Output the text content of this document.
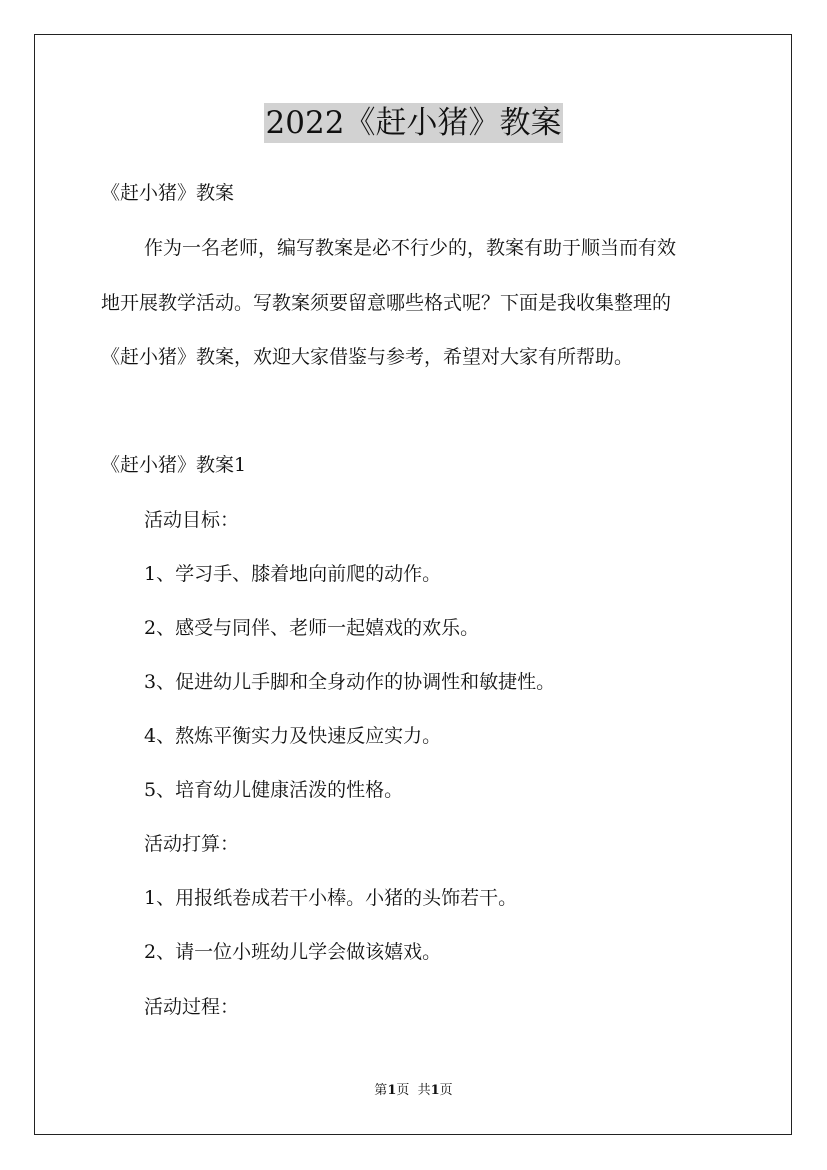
2022《赶小猪》教案
《赶小猪》教案
作为一名老师，编写教案是必不行少的，教案有助于顺当而有效
地开展教学活动。写教案须要留意哪些格式呢？下面是我收集整理的
《赶小猪》教案，欢迎大家借鉴与参考，希望对大家有所帮助。
《赶小猪》教案1
活动目标：
1、学习手、膝着地向前爬的动作。
2、感受与同伴、老师一起嬉戏的欢乐。
3、促进幼儿手脚和全身动作的协调性和敏捷性。
4、熬炼平衡实力及快速反应实力。
5、培育幼儿健康活泼的性格。
活动打算：
1、用报纸卷成若干小棒。小猪的头饰若干。
2、请一位小班幼儿学会做该嬉戏。
活动过程：
第1页  共1页
